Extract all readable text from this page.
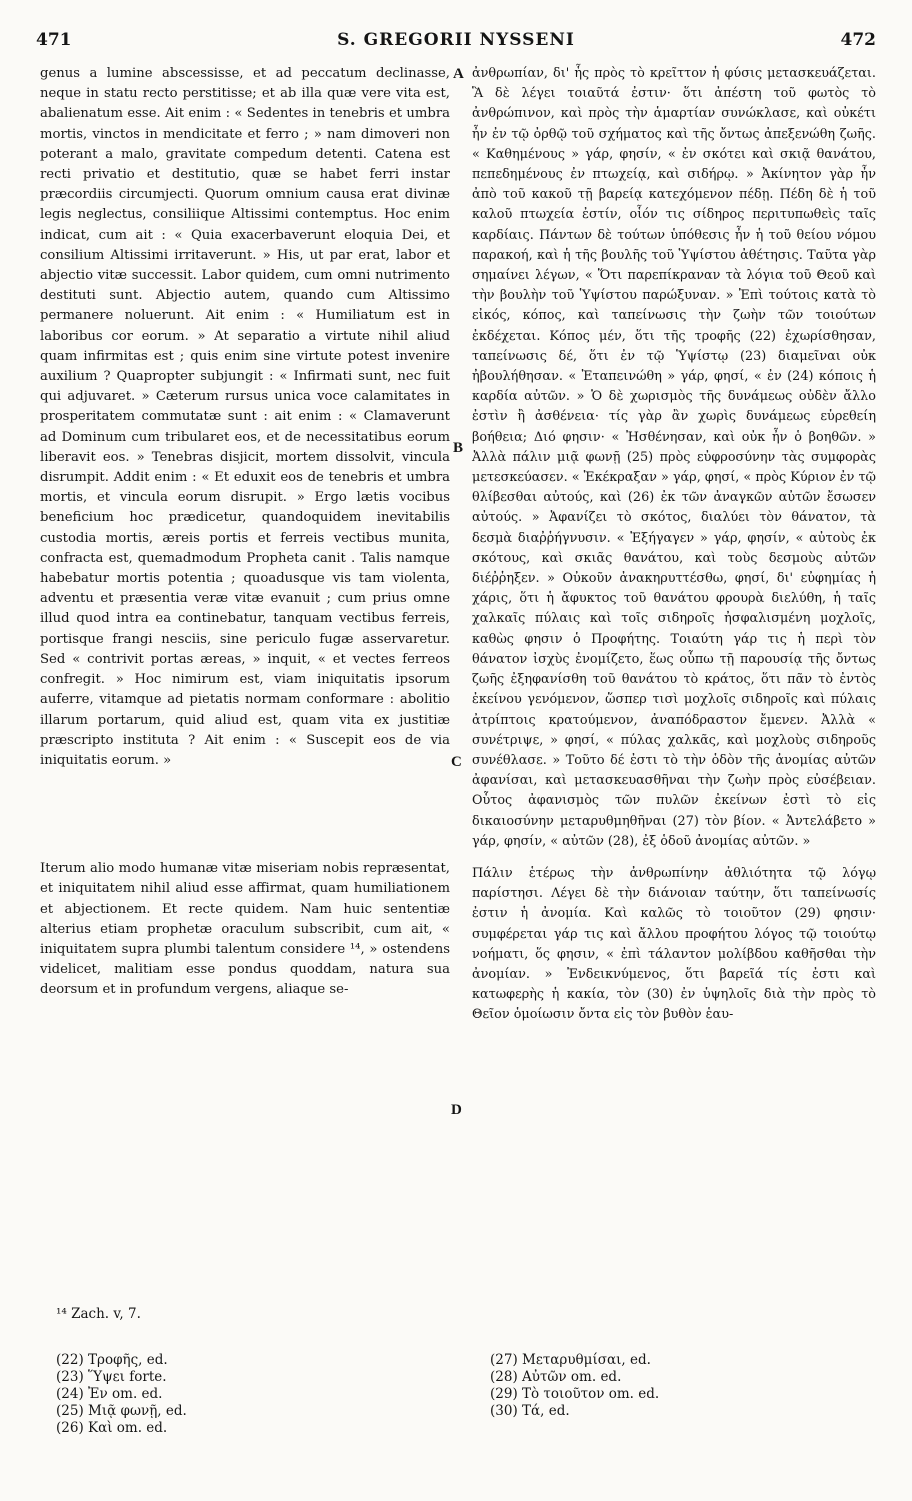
471	S. GREGORII NYSSENI	472

genus a lumine abscessisse, et ad peccatum declinasse, neque in statu recto perstitisse; et ab illa quæ vere vita est, abalienatum esse. Ait enim : « Sedentes in tenebris et umbra mortis, vinctos in mendicitate et ferro ; » nam dimoveri non poterant a malo, gravitate compedum detenti. Catena est recti privatio et destitutio, quæ se habet ferri instar præcordiis circumjecti. Quorum omnium causa erat divinæ legis neglectus, consiliique Altissimi contemptus. Hoc enim indicat, cum ait : « Quia exacerbaverunt eloquia Dei, et consilium Altissimi irritaverunt. » His, ut par erat, labor et abjectio vitæ successit. Labor quidem, cum omni nutrimento destituti sunt. Abjectio autem, quando cum Altissimo permanere noluerunt. Ait enim : « Humiliatum est in laboribus cor eorum. » At separatio a virtute nihil aliud quam infirmitas est ; quis enim sine virtute potest invenire auxilium ? Quapropter subjungit : « Infirmati sunt, nec fuit qui adjuvaret. » Cæterum rursus unica voce calamitates in prosperitatem commutatæ sunt : ait enim : « Clamaverunt ad Dominum cum tribularet eos, et de necessitatibus eorum liberavit eos. » Tenebras disjicit, mortem dissolvit, vincula disrumpit. Addit enim : « Et eduxit eos de tenebris et umbra mortis, et vincula eorum disrupit. » Ergo lætis vocibus beneficium hoc prædicetur, quandoquidem inevitabilis custodia mortis, æreis portis et ferreis vectibus munita, confracta est, quemadmodum Propheta canit . Talis namque habebatur mortis potentia ; quoadusque vis tam violenta, adventu et præsentia veræ vitæ evanuit ; cum prius omne illud quod intra ea continebatur, tanquam vectibus ferreis, portisque frangi nesciis, sine periculo fugæ asservaretur. Sed « contrivit portas æreas, » inquit, « et vectes ferreos confregit. » Hoc nimirum est, viam iniquitatis ipsorum auferre, vitamque ad pietatis normam conformare : abolitio illarum portarum, quid aliud est, quam vita ex justitiæ præscripto instituta ? Ait enim : « Suscepit eos de via iniquitatis eorum. »

Iterum alio modo humanæ vitæ miseriam nobis repræsentat, et iniquitatem nihil aliud esse affirmat, quam humiliationem et abjectionem. Et recte quidem. Nam huic sententiæ alterius etiam prophetæ oraculum subscribit, cum ait, « iniquitatem supra plumbi talentum considere ¹⁴, » ostendens videlicet, malitiam esse pondus quoddam, natura sua deorsum et in profundum vergens, aliaque se-

ἀνθρωπίαν, δι' ἧς πρὸς τὸ κρεῖττον ἡ φύσις μετασκευάζεται. Ἃ δὲ λέγει τοιαῦτά ἐστιν· ὅτι ἀπέστη τοῦ φωτὸς τὸ ἀνθρώπινον, καὶ πρὸς τὴν ἁμαρτίαν συνώκλασε, καὶ οὐκέτι ἦν ἐν τῷ ὀρθῷ τοῦ σχήματος καὶ τῆς ὄντως ἀπεξενώθη ζωῆς. « Καθημένους » γάρ, φησίν, « ἐν σκότει καὶ σκιᾷ θανάτου, πεπεδημένους ἐν πτωχείᾳ, καὶ σιδήρῳ. » Ἀκίνητον γὰρ ἦν ἀπὸ τοῦ κακοῦ τῇ βαρείᾳ κατεχόμενον πέδῃ. Πέδη δὲ ἡ τοῦ καλοῦ πτωχεία ἐστίν, οἷόν τις σίδηρος περιτυπωθεὶς ταῖς καρδίαις. Πάντων δὲ τούτων ὑπόθεσις ἦν ἡ τοῦ θείου νόμου παρακοή, καὶ ἡ τῆς βουλῆς τοῦ Ὑψίστου ἀθέτησις. Ταῦτα γὰρ σημαίνει λέγων, « Ὅτι παρεπίκραναν τὰ λόγια τοῦ Θεοῦ καὶ τὴν βουλὴν τοῦ Ὑψίστου παρώξυναν. » Ἐπὶ τούτοις κατὰ τὸ εἰκός, κόπος, καὶ ταπείνωσις τὴν ζωὴν τῶν τοιούτων ἐκδέχεται. Κόπος μέν, ὅτι τῆς τροφῆς (22) ἐχωρίσθησαν, ταπείνωσις δέ, ὅτι ἐν τῷ Ὑψίστῳ (23) διαμεῖναι οὐκ ἠβουλήθησαν. « Ἐταπεινώθη » γάρ, φησί, « ἐν (24) κόποις ἡ καρδία αὐτῶν. » Ὁ δὲ χωρισμὸς τῆς δυνάμεως οὐδὲν ἄλλο ἐστὶν ἢ ἀσθένεια· τίς γὰρ ἂν χωρὶς δυνάμεως εὑρεθείη βοήθεια; Διό φησιν· « Ἠσθένησαν, καὶ οὐκ ἦν ὁ βοηθῶν. » Ἀλλὰ πάλιν μιᾷ φωνῇ (25) πρὸς εὐφροσύνην τὰς συμφορὰς μετεσκεύασεν. « Ἐκέκραξαν » γάρ, φησί, « πρὸς Κύριον ἐν τῷ θλίβεσθαι αὐτούς, καὶ (26) ἐκ τῶν ἀναγκῶν αὐτῶν ἔσωσεν αὐτούς. » Ἀφανίζει τὸ σκότος, διαλύει τὸν θάνατον, τὰ δεσμὰ διαῤῥήγνυσιν. « Ἐξήγαγεν » γάρ, φησίν, « αὐτοὺς ἐκ σκότους, καὶ σκιᾶς θανάτου, καὶ τοὺς δεσμοὺς αὐτῶν διέῤῥηξεν. » Οὐκοῦν ἀνακηρυττέσθω, φησί, δι' εὐφημίας ἡ χάρις, ὅτι ἡ ἄφυκτος τοῦ θανάτου φρουρὰ διελύθη, ἡ ταῖς χαλκαῖς πύλαις καὶ τοῖς σιδηροῖς ἠσφαλισμένη μοχλοῖς, καθὼς φησιν ὁ Προφήτης. Τοιαύτη γάρ τις ἡ περὶ τὸν θάνατον ἰσχὺς ἐνομίζετο, ἕως οὗπω τῇ παρουσίᾳ τῆς ὄντως ζωῆς ἐξηφανίσθη τοῦ θανάτου τὸ κράτος, ὅτι πᾶν τὸ ἐντὸς ἐκείνου γενόμενον, ὥσπερ τισὶ μοχλοῖς σιδηροῖς καὶ πύλαις ἀτρίπτοις κρατούμενον, ἀναπόδραστον ἔμενεν. Ἀλλὰ « συνέτριψε, » φησί, « πύλας χαλκᾶς, καὶ μοχλοὺς σιδηροῦς συνέθλασε. » Τοῦτο δέ ἐστι τὸ τὴν ὁδὸν τῆς ἀνομίας αὐτῶν ἀφανίσαι, καὶ μετασκευασθῆναι τὴν ζωὴν πρὸς εὐσέβειαν. Οὗτος ἀφανισμὸς τῶν πυλῶν ἐκείνων ἐστὶ τὸ εἰς δικαιοσύνην μεταρυθμηθῆναι (27) τὸν βίον. « Ἀντελάβετο » γάρ, φησίν, « αὐτῶν (28), ἐξ ὁδοῦ ἀνομίας αὐτῶν. »

Πάλιν ἑτέρως τὴν ἀνθρωπίνην ἀθλιότητα τῷ λόγῳ παρίστησι. Λέγει δὲ τὴν διάνοιαν ταύτην, ὅτι ταπείνωσίς ἐστιν ἡ ἀνομία. Καὶ καλῶς τὸ τοιοῦτον (29) φησιν· συμφέρεται γάρ τις καὶ ἄλλου προφήτου λόγος τῷ τοιούτῳ νοήματι, ὅς φησιν, « ἐπὶ τάλαντον μολίβδου καθῆσθαι τὴν ἀνομίαν. » Ἐνδεικνύμενος, ὅτι βαρεῖά τίς ἐστι καὶ κατωφερὴς ἡ κακία, τὸν (30) ἐν ὑψηλοῖς διὰ τὴν πρὸς τὸ Θεῖον ὁμοίωσιν ὄντα εἰς τὸν βυθὸν ἑαυ-

A
B
C
D
¹⁴ Zach. v, 7.
(22) Τροφῆς, ed.
(23) Ὕψει forte.
(24) Ἐν om. ed.
(25) Μιᾷ φωνῇ, ed.
(26) Καὶ om. ed.
(27) Μεταρυθμίσαι, ed.
(28) Αὐτῶν om. ed.
(29) Τὸ τοιοῦτον om. ed.
(30) Τά, ed.
